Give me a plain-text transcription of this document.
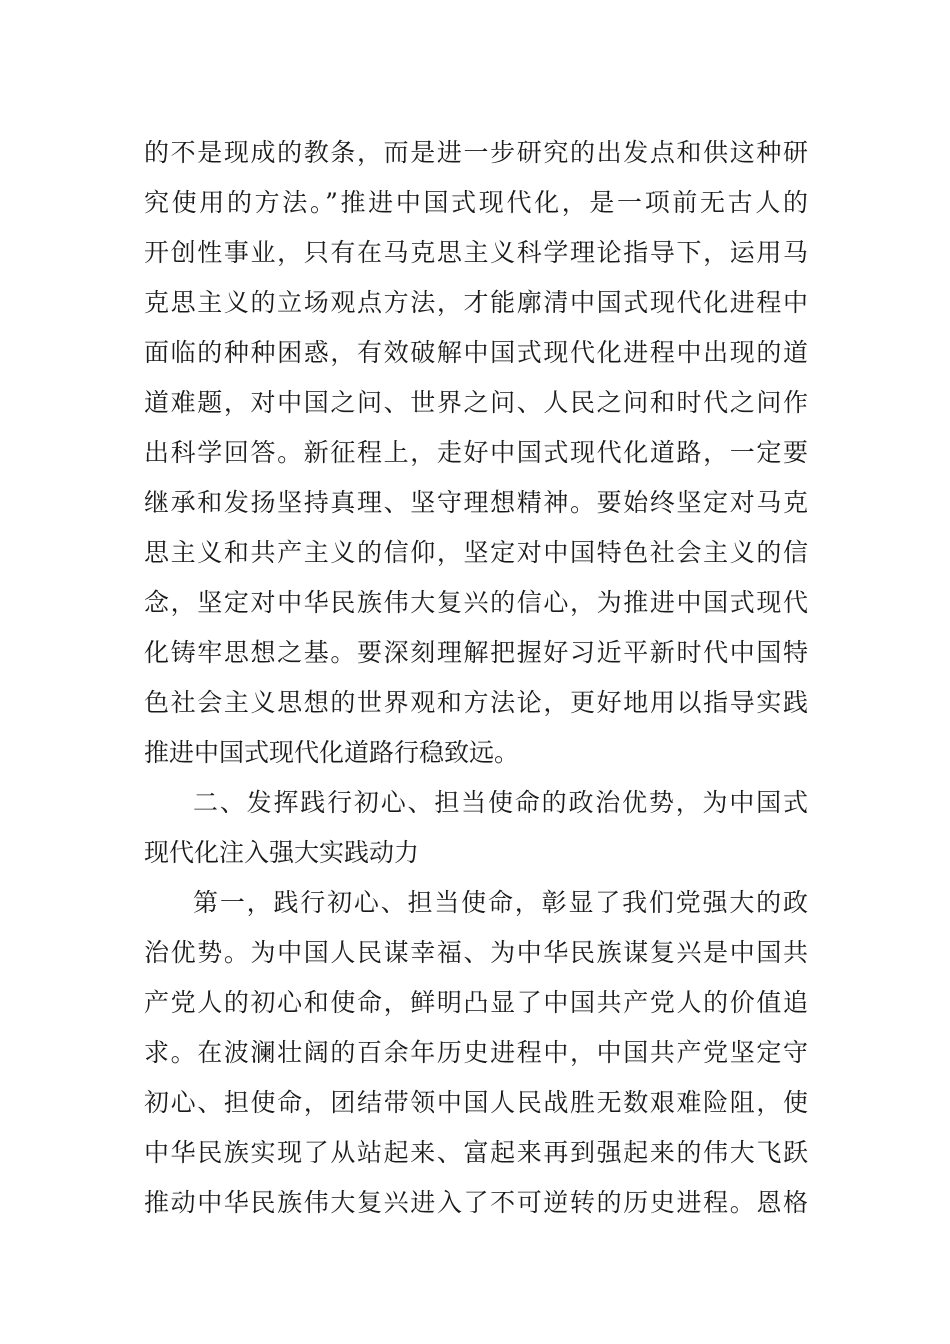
的不是现成的教条，而是进一步研究的出发点和供这种研
究使用的方法。”推进中国式现代化，是一项前无古人的
开创性事业，只有在马克思主义科学理论指导下，运用马
克思主义的立场观点方法，才能廓清中国式现代化进程中
面临的种种困惑，有效破解中国式现代化进程中出现的道
道难题，对中国之问、世界之问、人民之问和时代之问作
出科学回答。新征程上，走好中国式现代化道路，一定要
继承和发扬坚持真理、坚守理想精神。要始终坚定对马克
思主义和共产主义的信仰，坚定对中国特色社会主义的信
念，坚定对中华民族伟大复兴的信心，为推进中国式现代
化铸牢思想之基。要深刻理解把握好习近平新时代中国特
色社会主义思想的世界观和方法论，更好地用以指导实践
推进中国式现代化道路行稳致远。
二、发挥践行初心、担当使命的政治优势，为中国式
现代化注入强大实践动力
第一，践行初心、担当使命，彰显了我们党强大的政
治优势。为中国人民谋幸福、为中华民族谋复兴是中国共
产党人的初心和使命，鲜明凸显了中国共产党人的价值追
求。在波澜壮阔的百余年历史进程中，中国共产党坚定守
初心、担使命，团结带领中国人民战胜无数艰难险阻，使
中华民族实现了从站起来、富起来再到强起来的伟大飞跃
推动中华民族伟大复兴进入了不可逆转的历史进程。恩格
